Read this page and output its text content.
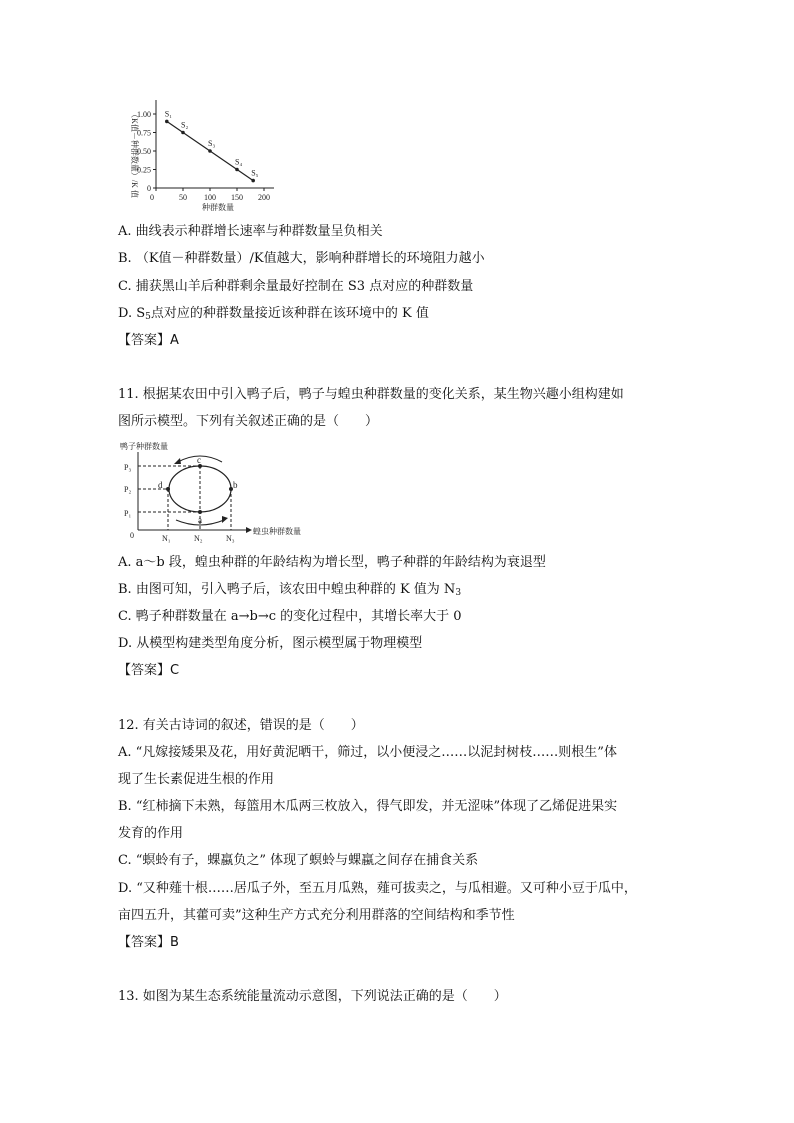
（K值－种群数量）/K 值
1.00
0.75
0.50
0.25
0
0	50 100 150 200
S₁
S₂
S₃
S₄
S₅
种群数量
A. 曲线表示种群增长速率与种群数量呈负相关
B. （K值－种群数量）/K值越大，影响种群增长的环境阻力越小
C. 捕获黑山羊后种群剩余量最好控制在 S3 点对应的种群数量
D. $S_5$点对应的种群数量接近该种群在该环境中的 K 值
【答案】A
11. 根据某农田中引入鸭子后，鸭子与蝗虫种群数量的变化关系，某生物兴趣小组构建如
图所示模型。下列有关叙述正确的是（　　）
鸭子种群数量
蝗虫种群数量
0
P₃
P₂
P₁
a
b
c
d
N₁	N₂	N₃
A. a～b 段，蝗虫种群的年龄结构为增长型，鸭子种群的年龄结构为衰退型
B. 由图可知，引入鸭子后，该农田中蝗虫种群的 K 值为 $N_3$
C. 鸭子种群数量在 a→b→c 的变化过程中，其增长率大于 0
D. 从模型构建类型角度分析，图示模型属于物理模型
【答案】C
12. 有关古诗词的叙述，错误的是（　　）
A. “凡嫁接矮果及花，用好黄泥晒干，筛过，以小便浸之……以泥封树枝……则根生”体
现了生长素促进生根的作用
B. “红柿摘下未熟，每篮用木瓜两三枚放入，得气即发，并无涩味”体现了乙烯促进果实
发育的作用
C. “螟蛉有子，蜾蠃负之” 体现了螟蛉与蜾蠃之间存在捕食关系
D. “又种薤十根……居瓜子外，至五月瓜熟，薤可拔卖之，与瓜相避。又可种小豆于瓜中，
亩四五升，其藿可卖”这种生产方式充分利用群落的空间结构和季节性
【答案】B
13. 如图为某生态系统能量流动示意图，下列说法正确的是（　　）
